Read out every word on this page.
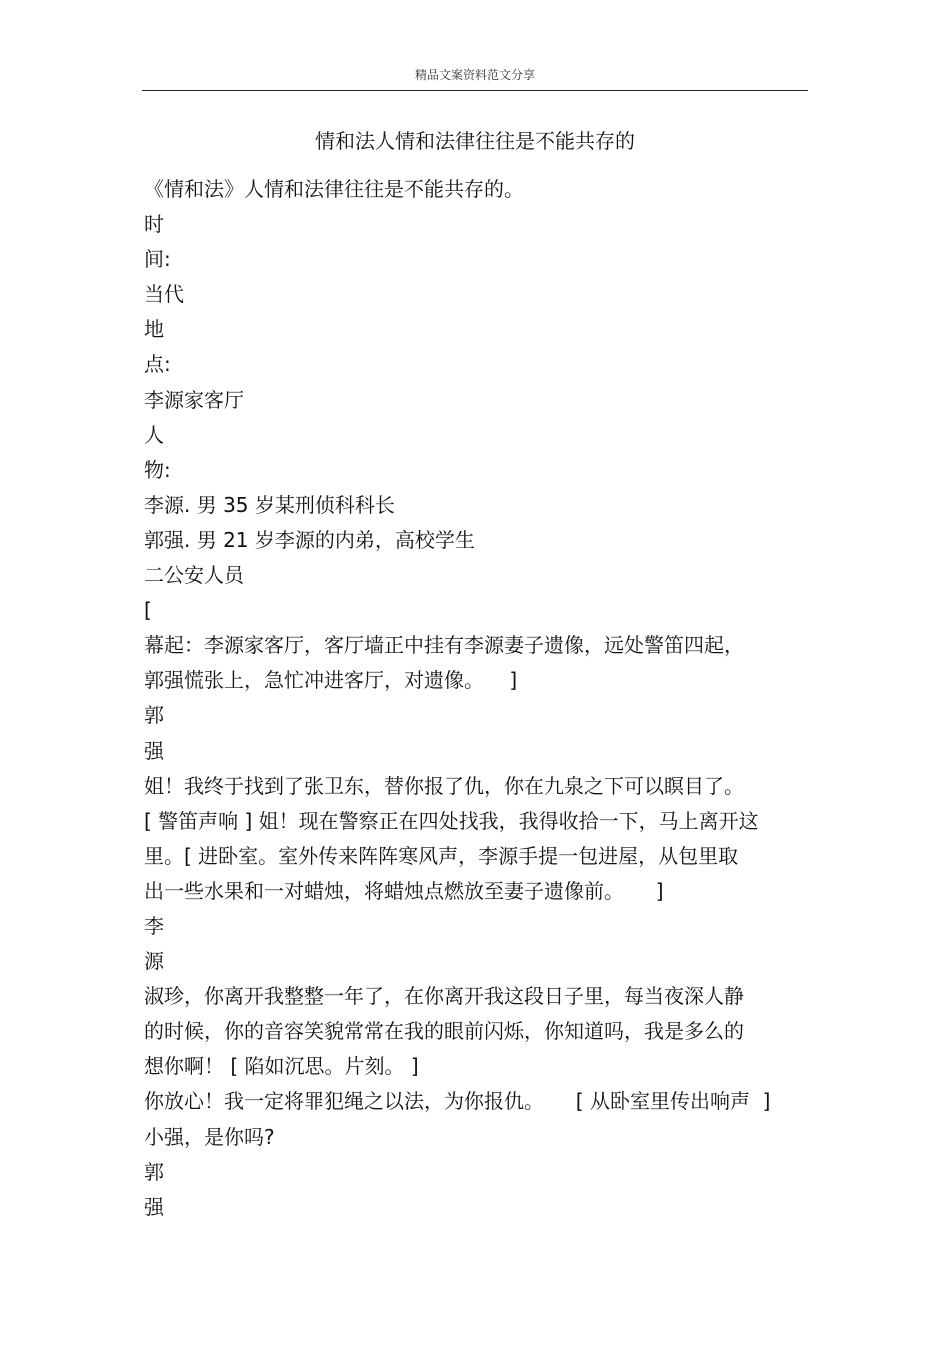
精品文案资料范文分享
情和法人情和法律往往是不能共存的
《情和法》人情和法律往往是不能共存的。
时
间:
当代
地
点:
李源家客厅
人
物:
李源. 男 35 岁某刑侦科科长
郭强. 男 21 岁李源的内弟，高校学生
二公安人员
[
幕起：李源家客厅，客厅墙正中挂有李源妻子遗像，远处警笛四起，
郭强慌张上，急忙冲进客厅，对遗像。    ]
郭
强
姐！我终于找到了张卫东，替你报了仇，你在九泉之下可以瞑目了。
[ 警笛声响 ] 姐！现在警察正在四处找我，我得收拾一下，马上离开这
里。[ 进卧室。室外传来阵阵寒风声，李源手提一包进屋，从包里取
出一些水果和一对蜡烛，将蜡烛点燃放至妻子遗像前。     ]
李
源
淑珍，你离开我整整一年了，在你离开我这段日子里，每当夜深人静
的时候，你的音容笑貌常常在我的眼前闪烁，你知道吗，我是多么的
想你啊！ [ 陷如沉思。片刻。 ]
你放心！我一定将罪犯绳之以法，为你报仇。     [ 从卧室里传出响声  ]
小强，是你吗?
郭
强
